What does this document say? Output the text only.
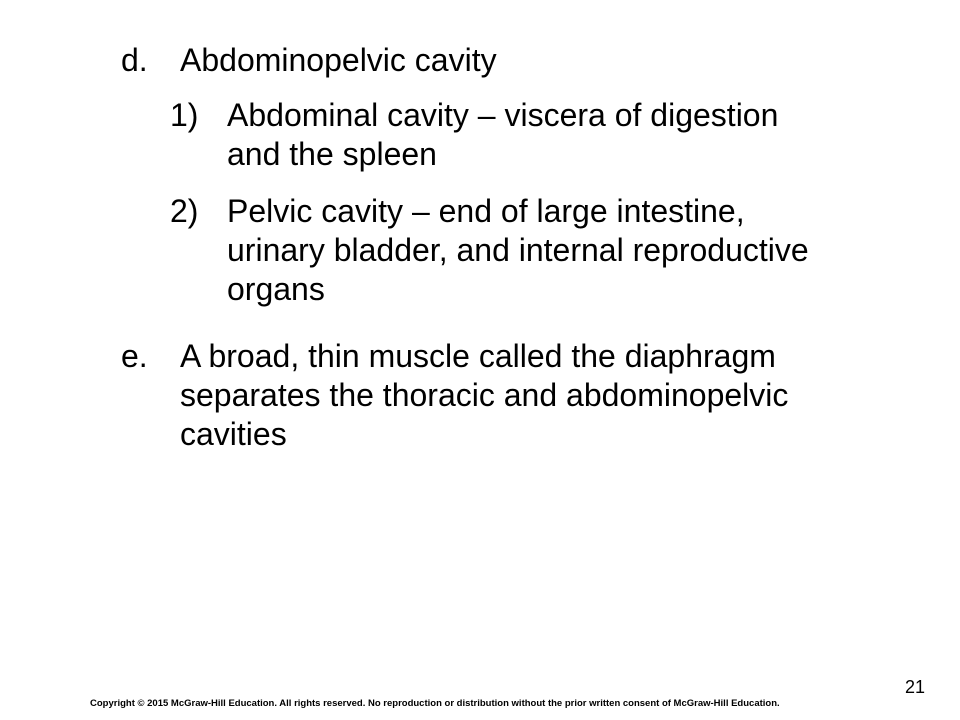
d. Abdominopelvic cavity
1) Abdominal cavity – viscera of digestion
and the spleen
2) Pelvic cavity – end of large intestine,
urinary bladder, and internal reproductive
organs
e. A broad, thin muscle called the diaphragm
separates the thoracic and abdominopelvic
cavities
21
Copyright © 2015 McGraw-Hill Education. All rights reserved. No reproduction or distribution without the prior written consent of McGraw-Hill Education.
